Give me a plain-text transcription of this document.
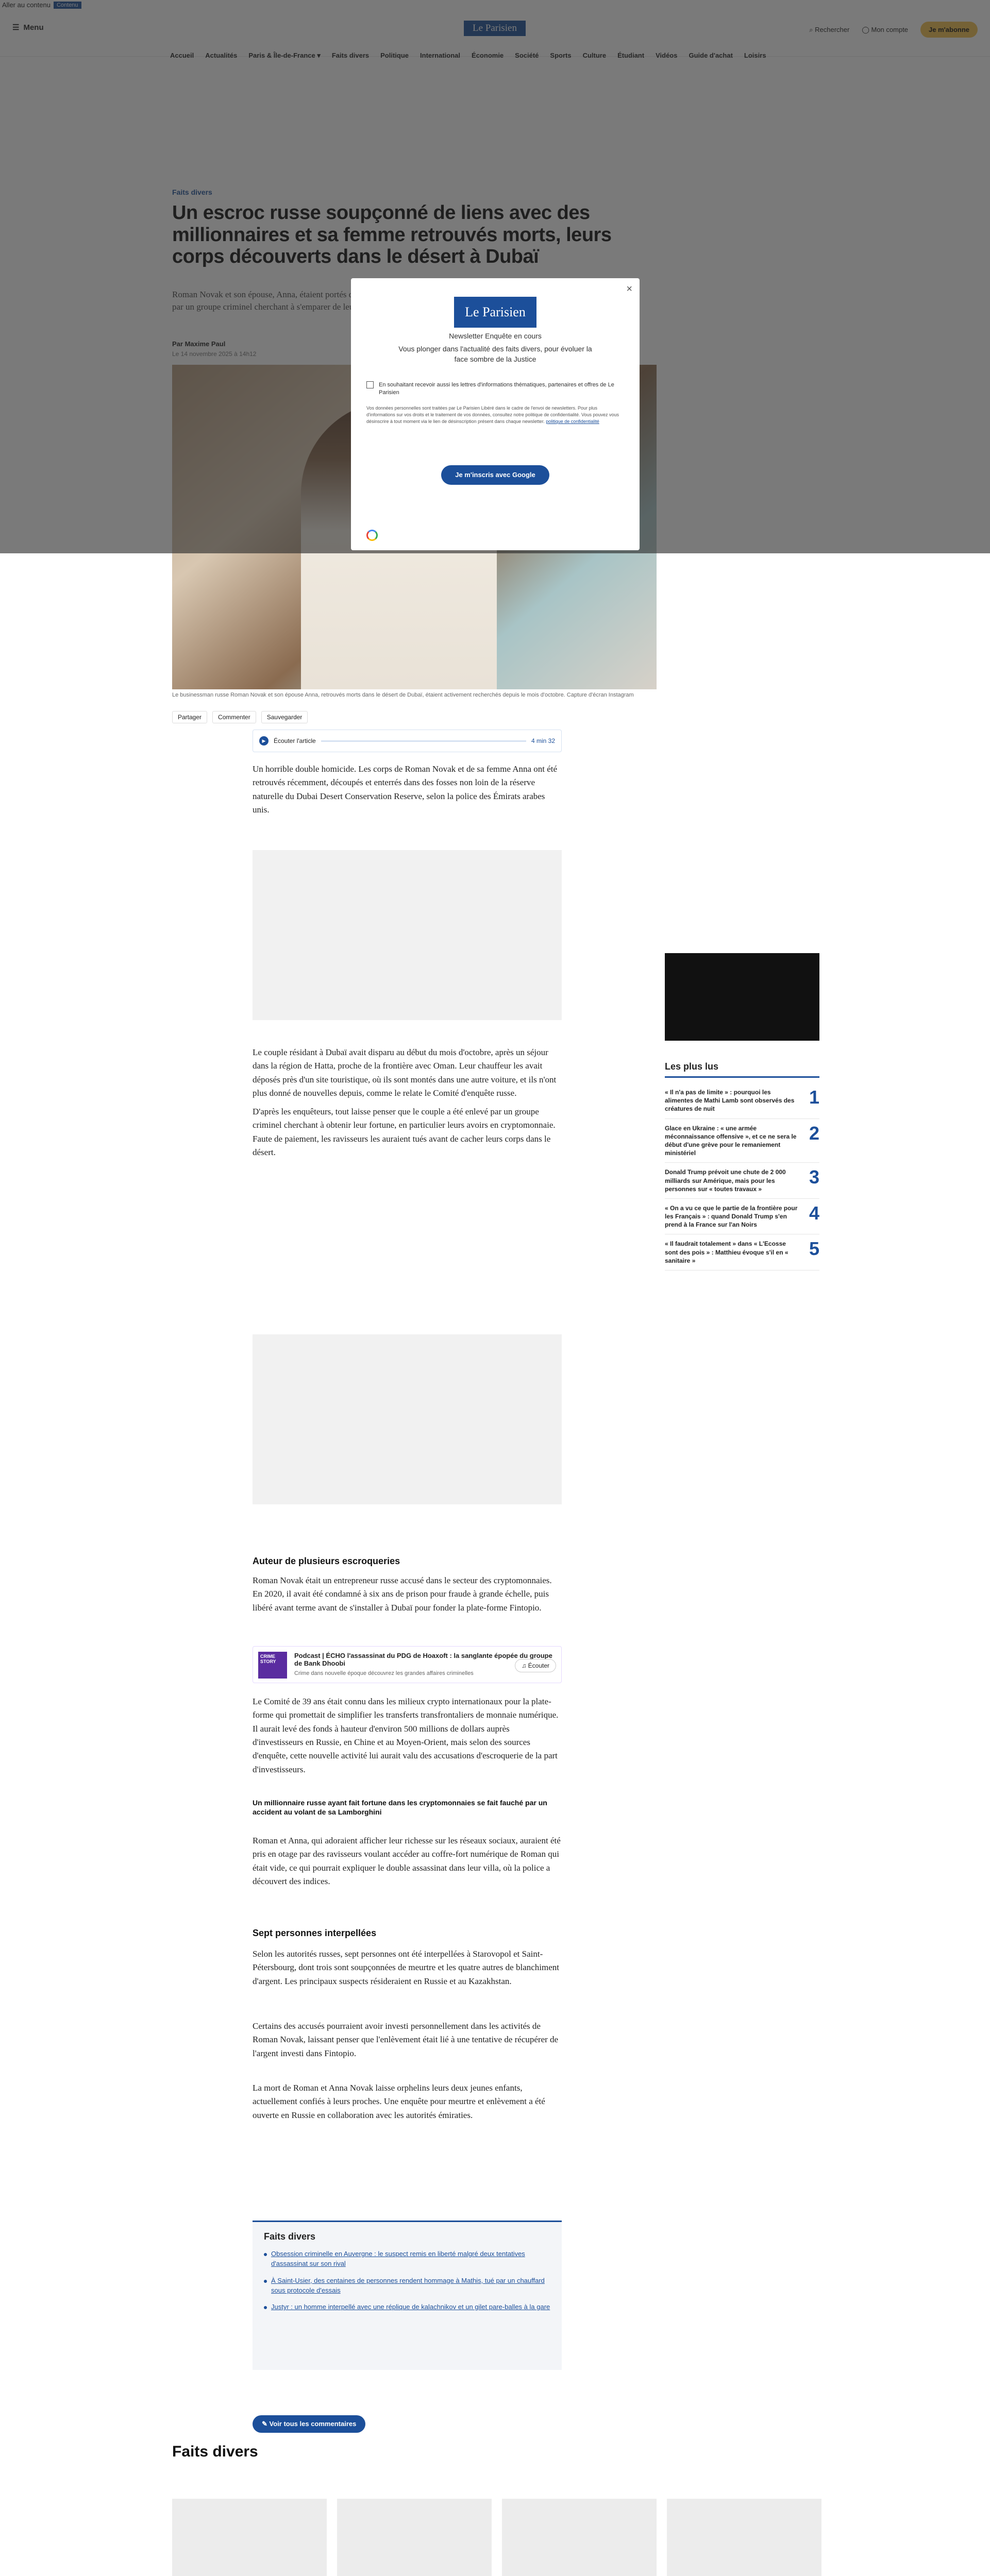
Le businessman russe Roman Novak et son épouse Anna, retrouvés morts dans le désert de Dubaï, étaient activement recherchés depuis le mois d'octobre. Capture d'écran Instagram
Partager	Commenter	Sauvegarder
▶	Écouter l'article	4 min 32

Un horrible double homicide. Les corps de Roman Novak et de sa femme Anna ont été retrouvés récemment, découpés et enterrés dans des fosses non loin de la réserve naturelle du Dubai Desert Conservation Reserve, selon la police des Émirats arabes unis.

Le couple résidant à Dubaï avait disparu au début du mois d'octobre, après un séjour dans la région de Hatta, proche de la frontière avec Oman. Leur chauffeur les avait déposés près d'un site touristique, où ils sont montés dans une autre voiture, et ils n'ont plus donné de nouvelles depuis, comme le relate le Comité d'enquête russe.

D'après les enquêteurs, tout laisse penser que le couple a été enlevé par un groupe criminel cherchant à obtenir leur fortune, en particulier leurs avoirs en cryptomonnaie. Faute de paiement, les ravisseurs les auraient tués avant de cacher leurs corps dans le désert.

Auteur de plusieurs escroqueries

Roman Novak était un entrepreneur russe accusé dans le secteur des cryptomonnaies. En 2020, il avait été condamné à six ans de prison pour fraude à grande échelle, puis libéré avant terme avant de s'installer à Dubaï pour fonder la plate-forme Fintopio.

CRIME STORY
Podcast | ÉCHO l'assassinat du PDG de Hoaxoft : la sanglante épopée du groupe de Bank Dhoobi
Crime dans nouvelle époque découvrez les grandes affaires criminelles
♫ Écouter

Le Comité de 39 ans était connu dans les milieux crypto internationaux pour la plate-forme qui promettait de simplifier les transferts transfrontaliers de monnaie numérique. Il aurait levé des fonds à hauteur d'environ 500 millions de dollars auprès d'investisseurs en Russie, en Chine et au Moyen-Orient, mais selon des sources d'enquête, cette nouvelle activité lui aurait valu des accusations d'escroquerie de la part d'investisseurs.

Un millionnaire russe ayant fait fortune dans les cryptomonnaies se fait fauché par un accident au volant de sa Lamborghini

Roman et Anna, qui adoraient afficher leur richesse sur les réseaux sociaux, auraient été pris en otage par des ravisseurs voulant accéder au coffre-fort numérique de Roman qui était vide, ce qui pourrait expliquer le double assassinat dans leur villa, où la police a découvert des indices.

Sept personnes interpellées

Selon les autorités russes, sept personnes ont été interpellées à Starovopol et Saint-Pétersbourg, dont trois sont soupçonnées de meurtre et les quatre autres de blanchiment d'argent. Les principaux suspects résideraient en Russie et au Kazakhstan.

Certains des accusés pourraient avoir investi personnellement dans les activités de Roman Novak, laissant penser que l'enlèvement était lié à une tentative de récupérer de l'argent investi dans Fintopio.

La mort de Roman et Anna Novak laisse orphelins leurs deux jeunes enfants, actuellement confiés à leurs proches. Une enquête pour meurtre et enlèvement a été ouverte en Russie en collaboration avec les autorités émiraties.

Faits divers
Obsession criminelle en Auvergne : le suspect remis en liberté malgré deux tentatives d'assassinat sur son rival
À Saint-Usier, des centaines de personnes rendent hommage à Mathis, tué par un chauffard sous protocole d'essais
Justyr : un homme interpellé avec une réplique de kalachnikov et un gilet pare-balles à la gare
✎ Voir tous les commentaires
Les plus lus
« Il n'a pas de limite » : pourquoi les alimentes de Mathi Lamb sont observés des créatures de nuit
1
Glace en Ukraine : « une armée méconnaissance offensive », et ce ne sera le début d'une grève pour le remaniement ministériel
2
Donald Trump prévoit une chute de 2 000 milliards sur Amérique, mais pour les personnes sur « toutes travaux »
3
« On a vu ce que le partie de la frontière pour les Français » : quand Donald Trump s'en prend à la France sur l'an Noirs
4
« Il faudrait totalement » dans « L'Ecosse sont des pois » : Matthieu évoque s'il en « sanitaire »
5
Faits divers
×
Le Parisien
Newsletter Enquête en cours
Vous plonger dans l'actualité des faits divers, pour évoluer la face sombre de la Justice
En souhaitant recevoir aussi les lettres d'informations thématiques, partenaires et offres de Le Parisien
Vos données personnelles sont traitées par Le Parisien Libéré dans le cadre de l'envoi de newsletters. Pour plus d'informations sur vos droits et le traitement de vos données, consultez notre politique de confidentialité. Vous pouvez vous désinscrire à tout moment via le lien de désinscription présent dans chaque newsletter. politique de confidentialité
Je m'inscris avec Google
